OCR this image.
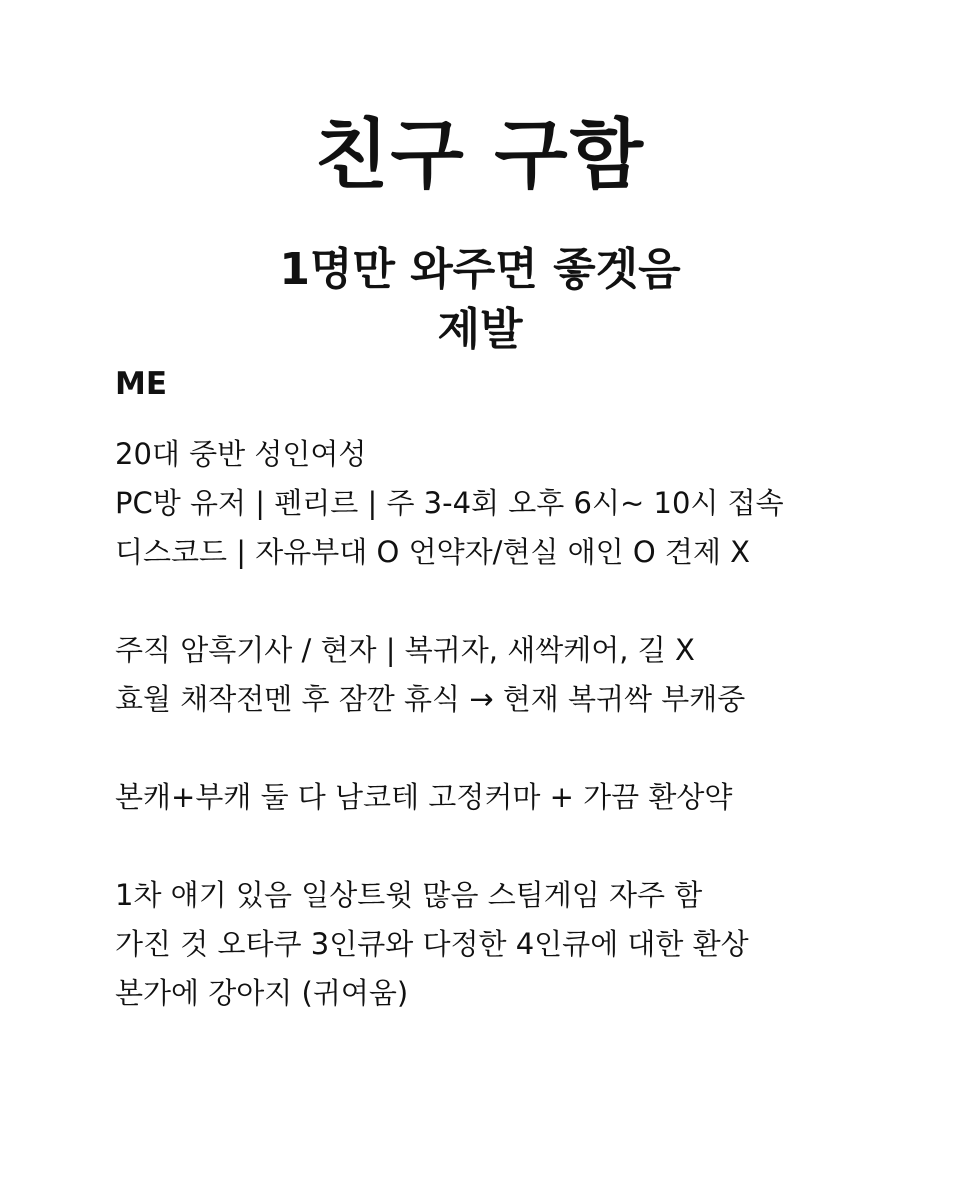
친구 구함
1명만 와주면 좋겟음
제발
ME
20대 중반 성인여성
PC방 유저 | 펜리르 | 주 3-4회 오후 6시~ 10시 접속
디스코드 | 자유부대 O 언약자/현실 애인 O 견제 X
주직 암흑기사 / 현자 | 복귀자, 새싹케어, 길 X
효월 채작전멘 후 잠깐 휴식 → 현재 복귀싹 부캐중
본캐+부캐 둘 다 남코테 고정커마 + 가끔 환상약
1차 얘기 있음 일상트윗 많음 스팀게임 자주 함
가진 것 오타쿠 3인큐와 다정한 4인큐에 대한 환상
본가에 강아지 (귀여움)
